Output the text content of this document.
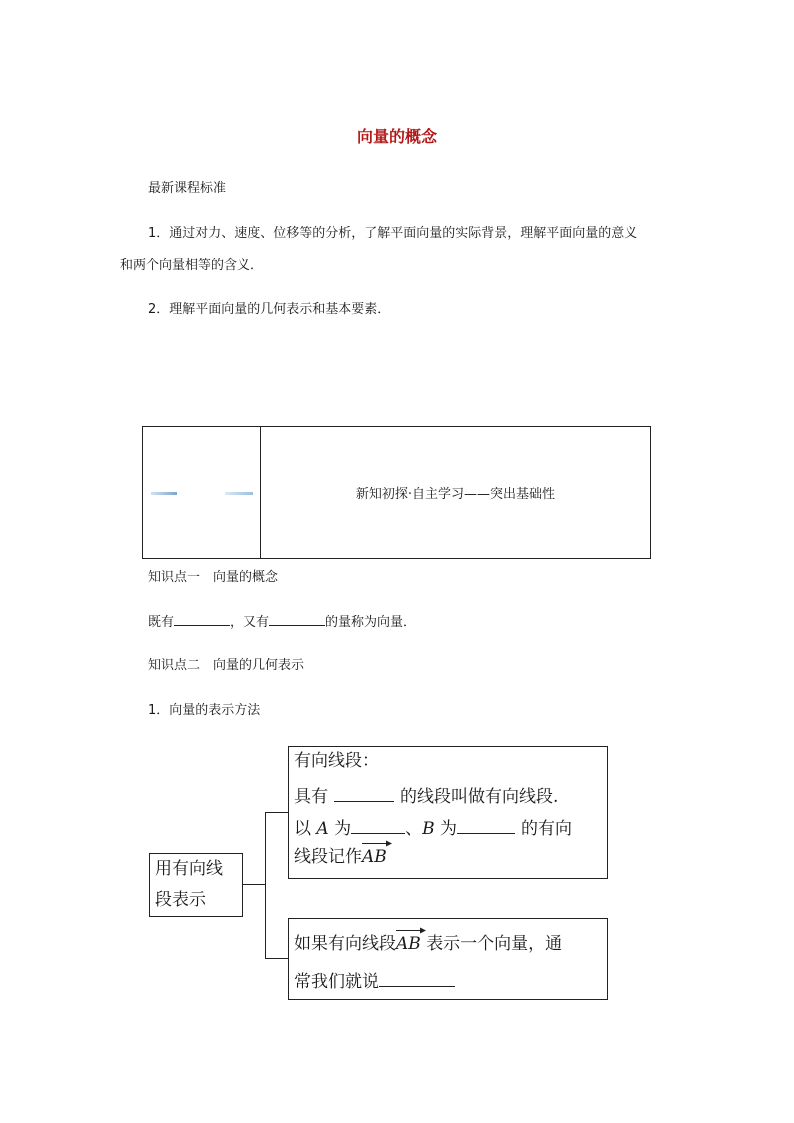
向量的概念
最新课程标准
1．通过对力、速度、位移等的分析，了解平面向量的实际背景，理解平面向量的意义
和两个向量相等的含义．
2．理解平面向量的几何表示和基本要素．
新知初探·自主学习——突出基础性
知识点一　向量的概念
既有	，又有	的量称为向量．
知识点二　向量的几何表示
1．向量的表示方法
用有向线
段表示
有向线段：
具有	的线段叫做有向线段.
以 A 为	、B 为	的有向
线段记作
AB
如果有向线段
AB 表示一个向量，通
常我们就说
